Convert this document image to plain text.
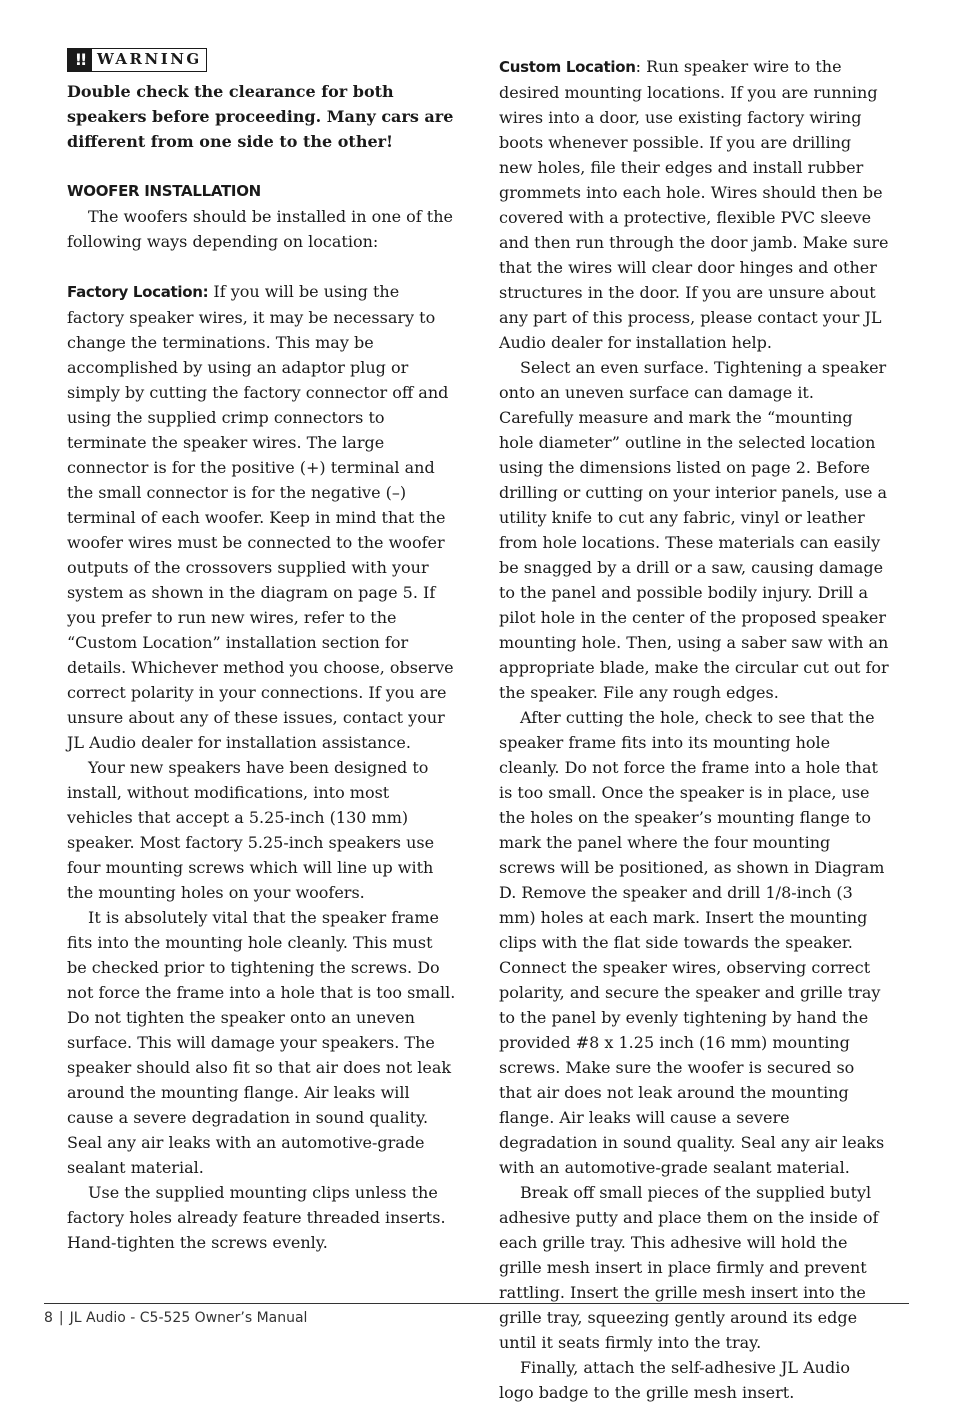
!! WARNING

Double check the clearance for both speakers before proceeding. Many cars are different from one side to the other!

WOOFER INSTALLATION

The woofers should be installed in one of the following ways depending on location:

Factory Location: If you will be using the factory speaker wires, it may be necessary to change the terminations. This may be accomplished by using an adaptor plug or simply by cutting the factory connector off and using the supplied crimp connectors to terminate the speaker wires. The large connector is for the positive (+) terminal and the small connector is for the negative (–) terminal of each woofer. Keep in mind that the woofer wires must be connected to the woofer outputs of the crossovers supplied with your system as shown in the diagram on page 5. If you prefer to run new wires, refer to the “Custom Location” installation section for details. Whichever method you choose, observe correct polarity in your connections. If you are unsure about any of these issues, contact your JL Audio dealer for installation assistance.

Your new speakers have been designed to install, without modifications, into most vehicles that accept a 5.25-inch (130 mm) speaker. Most factory 5.25-inch speakers use four mounting screws which will line up with the mounting holes on your woofers.

It is absolutely vital that the speaker frame fits into the mounting hole cleanly. This must be checked prior to tightening the screws. Do not force the frame into a hole that is too small. Do not tighten the speaker onto an uneven surface. This will damage your speakers. The speaker should also fit so that air does not leak around the mounting flange. Air leaks will cause a severe degradation in sound quality. Seal any air leaks with an automotive-grade sealant material.

Use the supplied mounting clips unless the factory holes already feature threaded inserts. Hand-tighten the screws evenly.

Custom Location: Run speaker wire to the desired mounting locations. If you are running wires into a door, use existing factory wiring boots whenever possible. If you are drilling new holes, file their edges and install rubber grommets into each hole. Wires should then be covered with a protective, flexible PVC sleeve and then run through the door jamb. Make sure that the wires will clear door hinges and other structures in the door. If you are unsure about any part of this process, please contact your JL Audio dealer for installation help.

Select an even surface. Tightening a speaker onto an uneven surface can damage it. Carefully measure and mark the “mounting hole diameter” outline in the selected location using the dimensions listed on page 2. Before drilling or cutting on your interior panels, use a utility knife to cut any fabric, vinyl or leather from hole locations. These materials can easily be snagged by a drill or a saw, causing damage to the panel and possible bodily injury. Drill a pilot hole in the center of the proposed speaker mounting hole. Then, using a saber saw with an appropriate blade, make the circular cut out for the speaker. File any rough edges.

After cutting the hole, check to see that the speaker frame fits into its mounting hole cleanly. Do not force the frame into a hole that is too small. Once the speaker is in place, use the holes on the speaker’s mounting flange to mark the panel where the four mounting screws will be positioned, as shown in Diagram D. Remove the speaker and drill 1/8-inch (3 mm) holes at each mark. Insert the mounting clips with the flat side towards the speaker. Connect the speaker wires, observing correct polarity, and secure the speaker and grille tray to the panel by evenly tightening by hand the provided #8 x 1.25 inch (16 mm) mounting screws. Make sure the woofer is secured so that air does not leak around the mounting flange. Air leaks will cause a severe degradation in sound quality. Seal any air leaks with an automotive-grade sealant material.

Break off small pieces of the supplied butyl adhesive putty and place them on the inside of each grille tray. This adhesive will hold the grille mesh insert in place firmly and prevent rattling. Insert the grille mesh insert into the grille tray, squeezing gently around its edge until it seats firmly into the tray.

Finally, attach the self-adhesive JL Audio logo badge to the grille mesh insert.

8 | JL Audio - C5-525 Owner’s Manual
